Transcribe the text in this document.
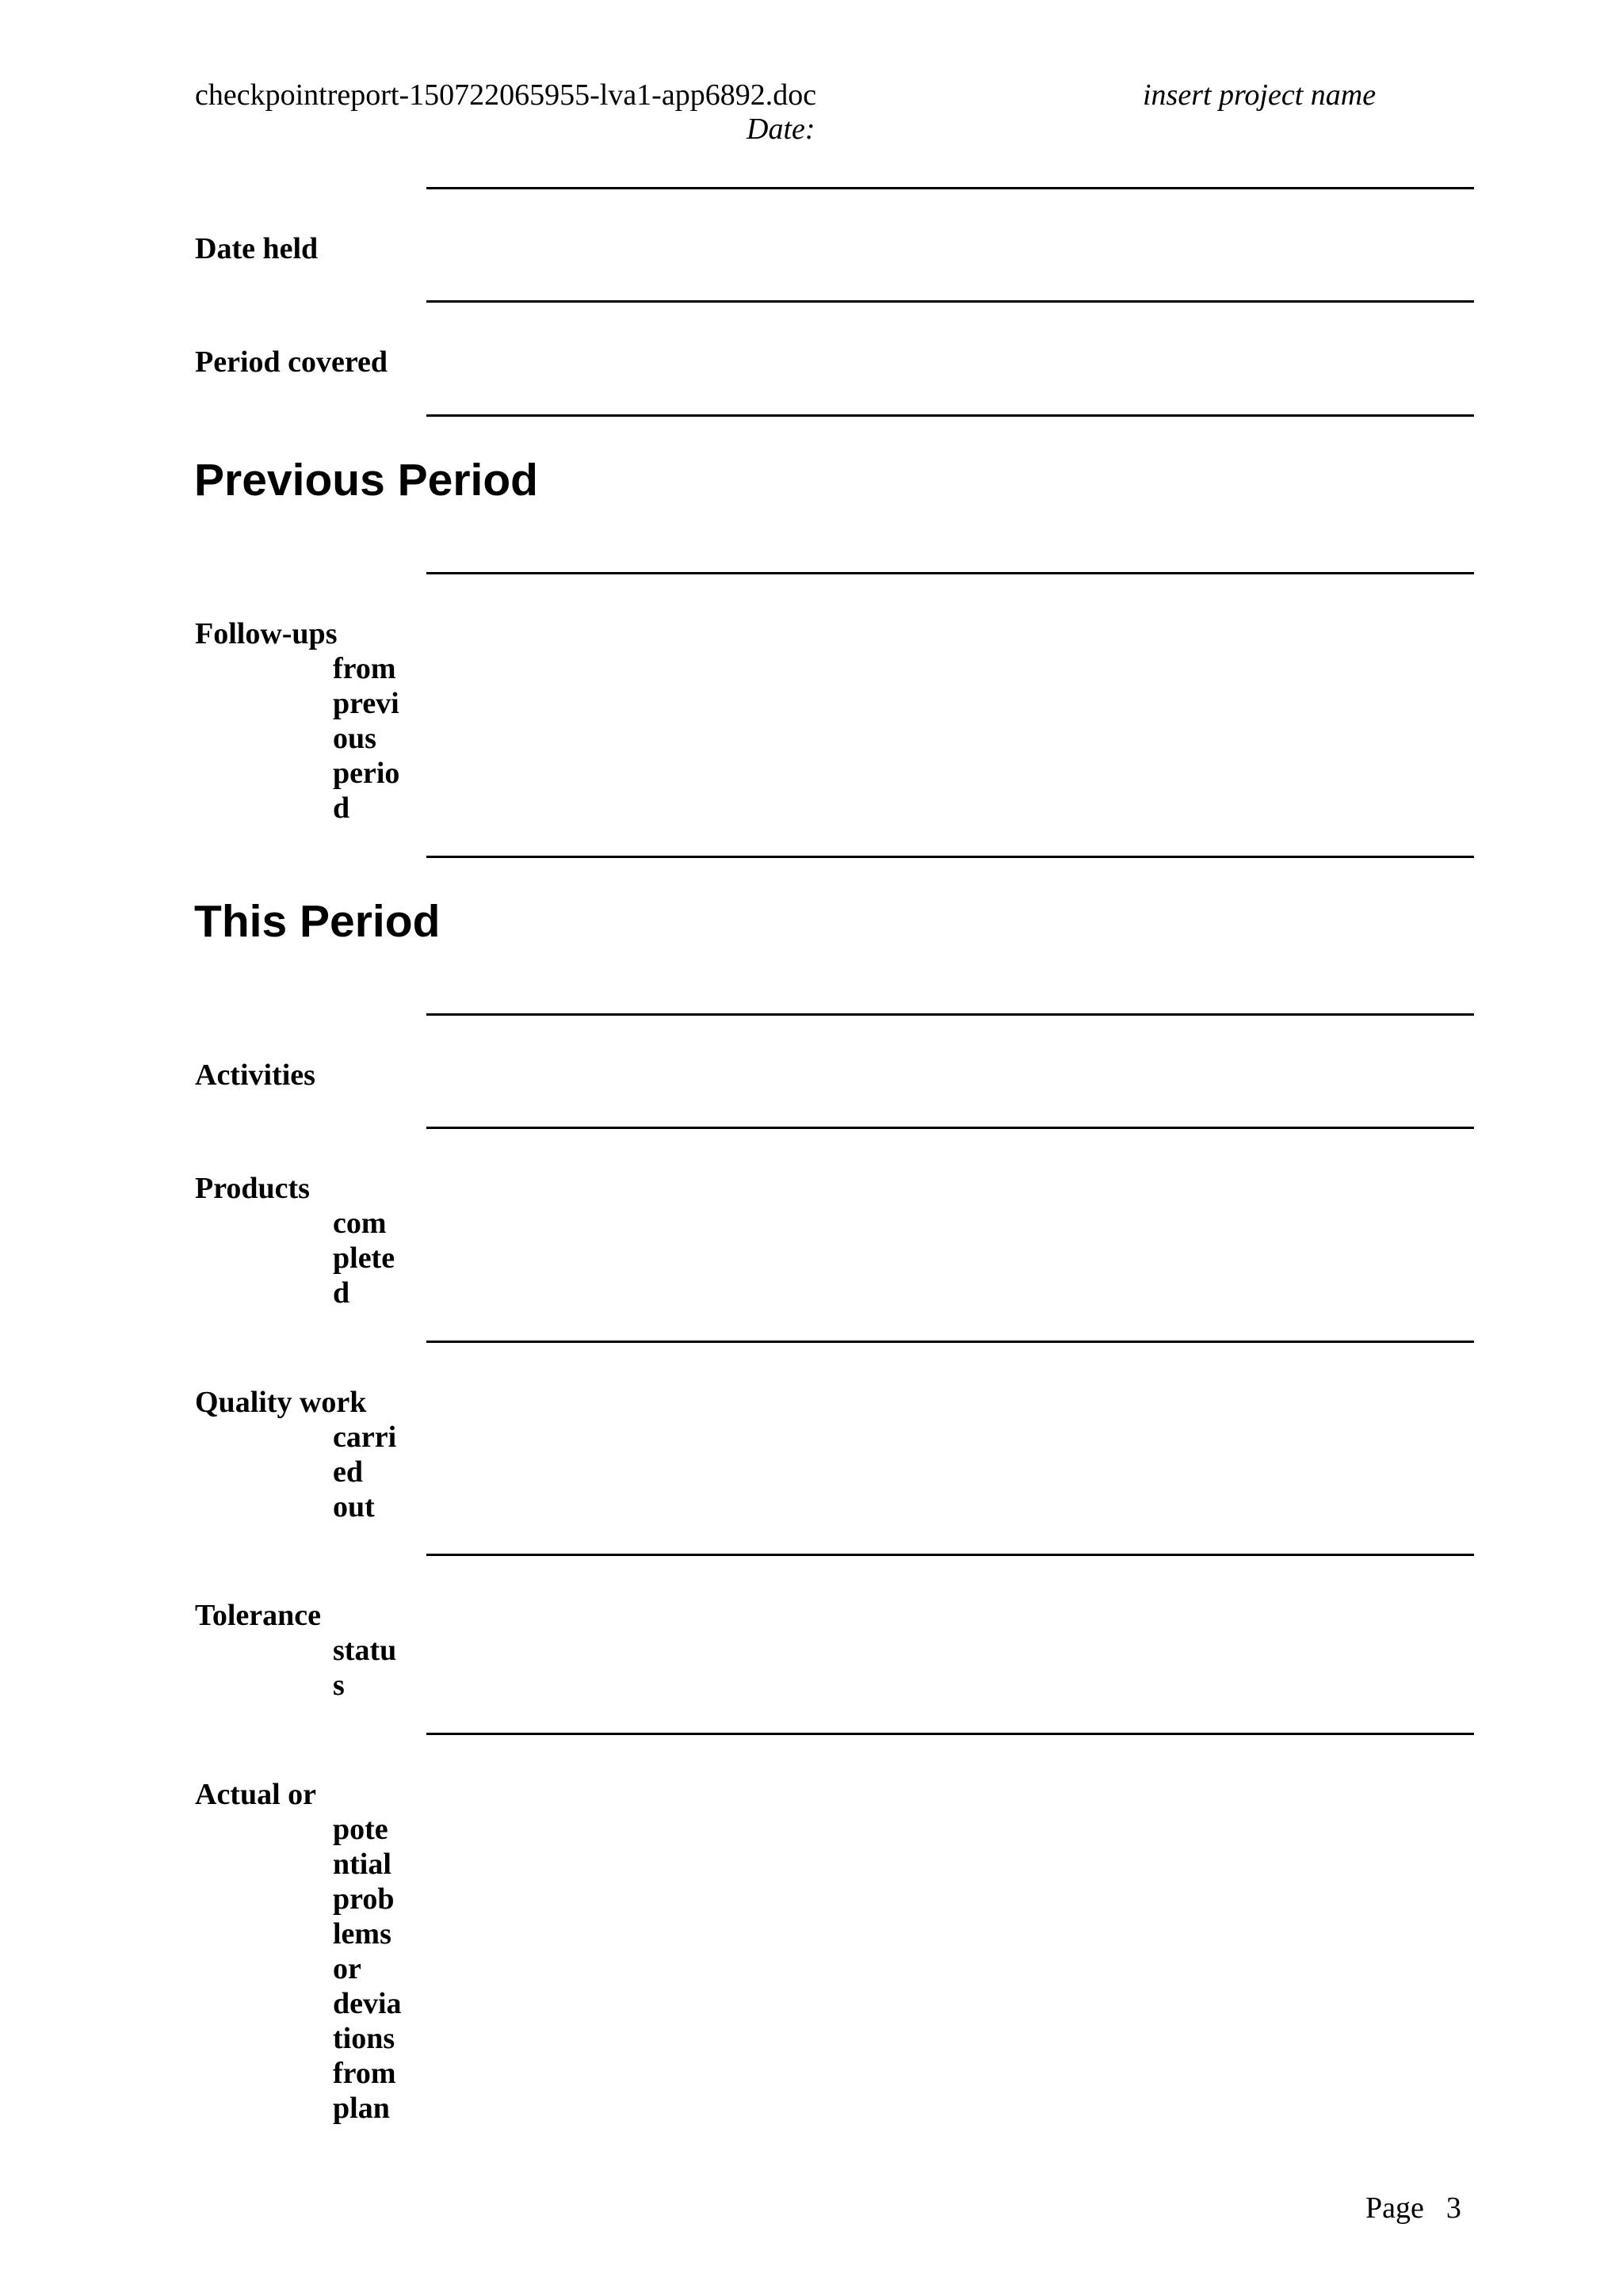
checkpointreport-150722065955-lva1-app6892.doc	insert project name
Date:
Date held
Period covered
Previous Period
Follow-ups
from
previ
ous
perio
d
This Period
Activities
Products
com
plete
d
Quality work
carri
ed
out
Tolerance
statu
s
Actual or
pote
ntial
prob
lems
or
devia
tions
from
plan
Page 3
